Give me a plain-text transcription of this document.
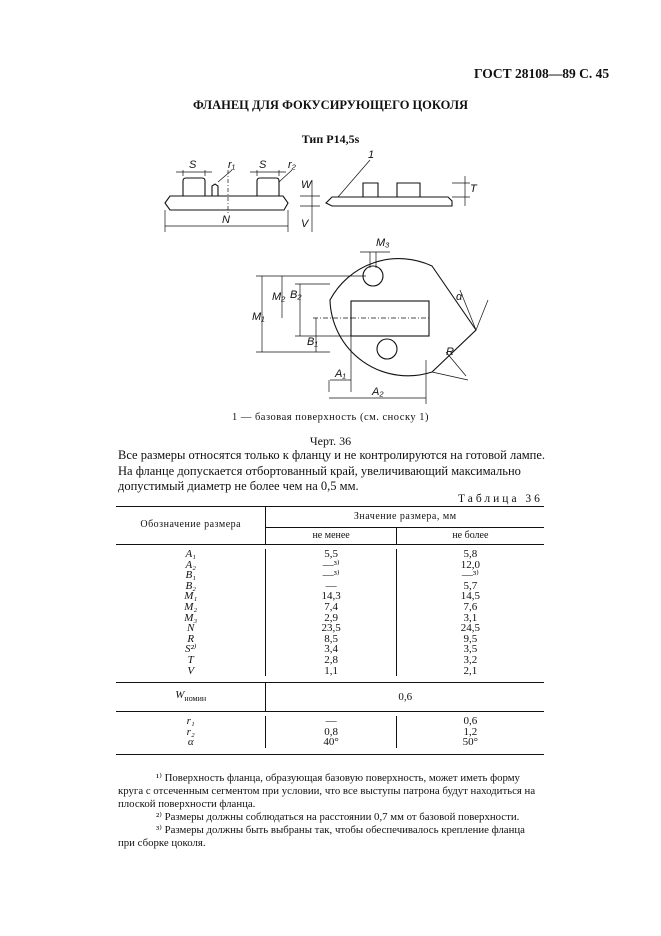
ГОСТ 28108—89 С. 45
ФЛАНЕЦ ДЛЯ ФОКУСИРУЮЩЕГО ЦОКОЛЯ
Тип P14,5s
S	r₁ S r₂
N
W
V
T
1
M₁
M₂
M₃
B₁
B₂
A₁
A₂
α
R
1 — базовая поверхность (см. сноску 1)
Черт. 36
Все размеры относятся только к фланцу и не контролируются на готовой лампе.
На фланце допускается отбортованный край, увеличивающий максимально допустимый диаметр не более чем на 0,5 мм.
Таблица 36
Обозначение размера	Значение размера, мм	
	не менее	не более

A₁	5,5	5,8
A₂	—³⁾	12,0
B₁	—³⁾	—³⁾
B₂	—	5,7
M₁	14,3	14,5
M₂	7,4	7,6
M₃	2,9	3,1
N	23,5	24,5
R	8,5	9,5
S²⁾	3,4	3,5
T	2,8	3,2
V	1,1	2,1

$W_{номин}$	0,6	

r₁	—	0,6
r₂	0,8	1,2
α	40°	50°

¹⁾ Поверхность фланца, образующая базовую поверхность, может иметь форму круга с отсеченным сегментом при условии, что все выступы патрона будут находиться на плоской поверхности фланца.
²⁾ Размеры должны соблюдаться на расстоянии 0,7 мм от базовой поверхности.
³⁾ Размеры должны быть выбраны так, чтобы обеспечивалось крепление фланца при сборке цоколя.
